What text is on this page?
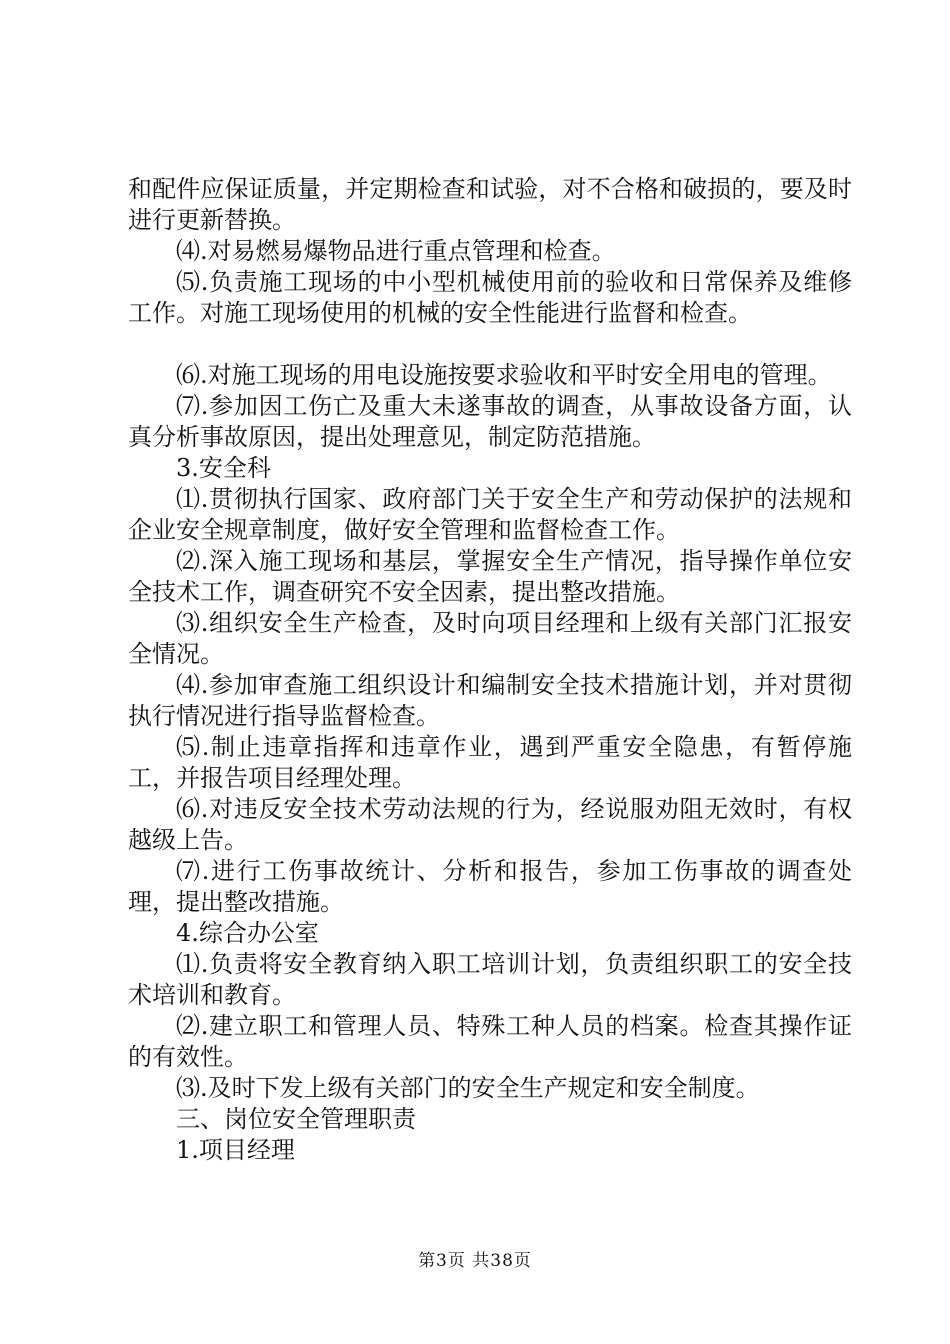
和配件应保证质量，并定期检查和试验，对不合格和破损的，要及时进行更新替换。

⑷.对易燃易爆物品进行重点管理和检查。

⑸.负责施工现场的中小型机械使用前的验收和日常保养及维修工作。对施工现场使用的机械的安全性能进行监督和检查。

⑹.对施工现场的用电设施按要求验收和平时安全用电的管理。

⑺.参加因工伤亡及重大未遂事故的调查，从事故设备方面，认真分析事故原因，提出处理意见，制定防范措施。

3.安全科

⑴.贯彻执行国家、政府部门关于安全生产和劳动保护的法规和企业安全规章制度，做好安全管理和监督检查工作。

⑵.深入施工现场和基层，掌握安全生产情况，指导操作单位安全技术工作，调查研究不安全因素，提出整改措施。

⑶.组织安全生产检查，及时向项目经理和上级有关部门汇报安全情况。

⑷.参加审查施工组织设计和编制安全技术措施计划，并对贯彻执行情况进行指导监督检查。

⑸.制止违章指挥和违章作业，遇到严重安全隐患，有暂停施工，并报告项目经理处理。

⑹.对违反安全技术劳动法规的行为，经说服劝阻无效时，有权越级上告。

⑺.进行工伤事故统计、分析和报告，参加工伤事故的调查处理，提出整改措施。

4.综合办公室

⑴.负责将安全教育纳入职工培训计划，负责组织职工的安全技术培训和教育。

⑵.建立职工和管理人员、特殊工种人员的档案。检查其操作证的有效性。

⑶.及时下发上级有关部门的安全生产规定和安全制度。

三、岗位安全管理职责

1.项目经理

第3页 共38页
